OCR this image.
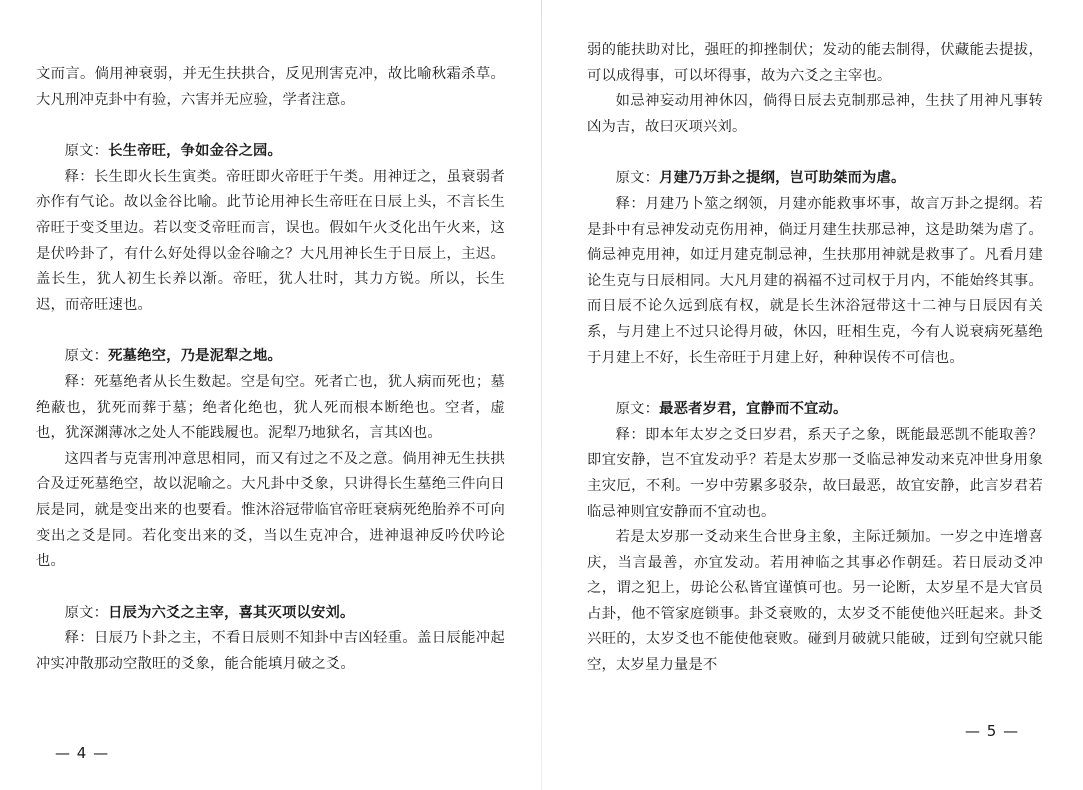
文而言。倘用神衰弱，并无生扶拱合，反见刑害克冲，故比喻秋霜杀草。大凡刑冲克卦中有验，六害并无应验，学者注意。

原文：长生帝旺，争如金谷之园。

释：长生即火长生寅类。帝旺即火帝旺于午类。用神迂之，虽衰弱者亦作有气论。故以金谷比喻。此节论用神长生帝旺在日辰上头，不言长生帝旺于变爻里边。若以变爻帝旺而言，误也。假如午火爻化出午火来，这是伏吟卦了，有什么好处得以金谷喻之？大凡用神长生于日辰上，主迟。盖长生，犹人初生长养以渐。帝旺，犹人壮时，其力方锐。所以，长生迟，而帝旺速也。

原文：死墓绝空，乃是泥犁之地。

释：死墓绝者从长生数起。空是旬空。死者亡也，犹人病而死也；墓绝蔽也，犹死而葬于墓；绝者化绝也，犹人死而根本断绝也。空者，虚也，犹深渊薄冰之处人不能践履也。泥犁乃地狱名，言其凶也。

这四者与克害刑冲意思相同，而又有过之不及之意。倘用神无生扶拱合及迂死墓绝空，故以泥喻之。大凡卦中爻象，只讲得长生墓绝三件向日辰是同，就是变出来的也要看。惟沐浴冠带临官帝旺衰病死绝胎养不可向变出之爻是同。若化变出来的爻，当以生克冲合，进神退神反吟伏吟论也。

原文：日辰为六爻之主宰，喜其灭项以安刘。

释：日辰乃卜卦之主，不看日辰则不知卦中吉凶轻重。盖日辰能冲起冲实冲散那动空散旺的爻象，能合能填月破之爻。

弱的能扶助对比，强旺的抑挫制伏；发动的能去制得，伏藏能去提拔，可以成得事，可以坏得事，故为六爻之主宰也。

如忌神妄动用神休囚，倘得日辰去克制那忌神，生扶了用神凡事转凶为吉，故曰灭项兴刘。

原文：月建乃万卦之提纲，岂可助桀而为虐。

释：月建乃卜筮之纲领，月建亦能救事坏事，故言万卦之提纲。若是卦中有忌神发动克伤用神，倘迂月建生扶那忌神，这是助桀为虐了。倘忌神克用神，如迂月建克制忌神，生扶那用神就是救事了。凡看月建论生克与日辰相同。大凡月建的祸福不过司权于月内，不能始终其事。而日辰不论久远到底有权，就是长生沐浴冠带这十二神与日辰因有关系，与月建上不过只论得月破，休囚，旺相生克，今有人说衰病死墓绝于月建上不好，长生帝旺于月建上好，种种误传不可信也。

原文：最恶者岁君，宜静而不宜动。

释：即本年太岁之爻曰岁君，系天子之象，既能最恶凯不能取善？即宜安静，岂不宜发动乎？若是太岁那一爻临忌神发动来克冲世身用象主灾厄，不利。一岁中劳累多驳杂，故曰最恶，故宜安静，此言岁君若临忌神则宜安静而不宜动也。

若是太岁那一爻动来生合世身主象，主际迁频加。一岁之中连增喜庆，当言最善，亦宜发动。若用神临之其事必作朝廷。若日辰动爻冲之，谓之犯上，毋论公私皆宜谨慎可也。另一论断，太岁星不是大官员占卦，他不管家庭锁事。卦爻衰败的，太岁爻不能使他兴旺起来。卦爻兴旺的，太岁爻也不能使他衰败。碰到月破就只能破，迂到旬空就只能空，太岁星力量是不

— 4 —
— 5 —
